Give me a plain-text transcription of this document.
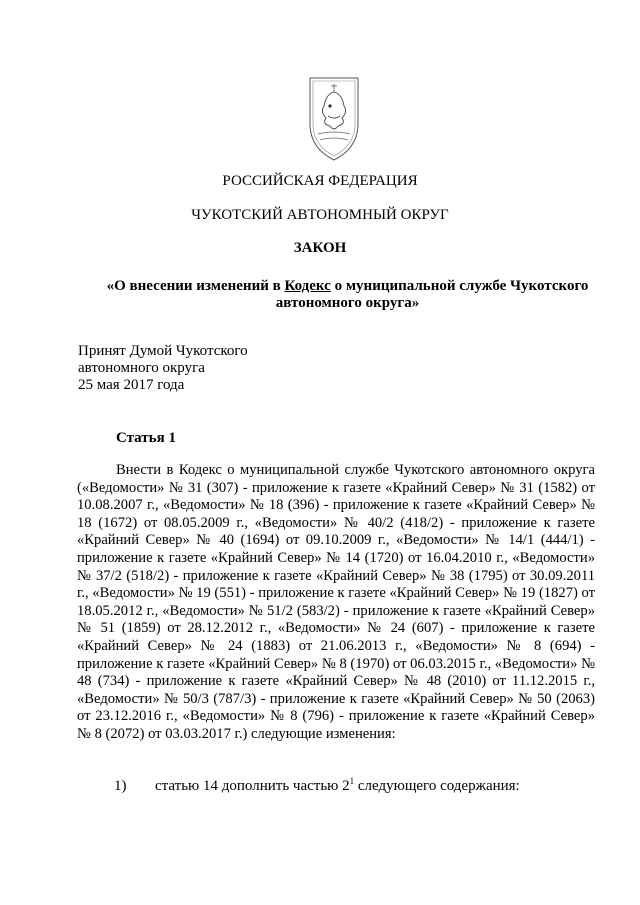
РОССИЙСКАЯ ФЕДЕРАЦИЯ
ЧУКОТСКИЙ АВТОНОМНЫЙ ОКРУГ
ЗАКОН
«О внесении изменений в Кодекс о муниципальной службе Чукотского автономного округа»
Принят Думой Чукотского
автономного округа
25 мая 2017 года
Статья 1
Внести в Кодекс о муниципальной службе Чукотского автономного округа («Ведомости» № 31 (307) - приложение к газете «Крайний Север» № 31 (1582) от 10.08.2007 г., «Ведомости» № 18 (396) - приложение к газете «Крайний Север» № 18 (1672) от 08.05.2009 г., «Ведомости» № 40/2 (418/2) - приложение к газете «Крайний Север» № 40 (1694) от 09.10.2009 г., «Ведомости» № 14/1 (444/1) - приложение к газете «Крайний Север» № 14 (1720) от 16.04.2010 г., «Ведомости» № 37/2 (518/2) - приложение к газете «Крайний Север» № 38 (1795) от 30.09.2011 г., «Ведомости» № 19 (551) - приложение к газете «Крайний Север» № 19 (1827) от 18.05.2012 г., «Ведомости» № 51/2 (583/2) - приложение к газете «Крайний Север» № 51 (1859) от 28.12.2012 г., «Ведомости» № 24 (607) - приложение к газете «Крайний Север» № 24 (1883) от 21.06.2013 г., «Ведомости» № 8 (694) - приложение к газете «Крайний Север» № 8 (1970) от 06.03.2015 г., «Ведомости» № 48 (734) - приложение к газете «Крайний Север» № 48 (2010) от 11.12.2015 г., «Ведомости» № 50/3 (787/3) - приложение к газете «Крайний Север» № 50 (2063) от 23.12.2016 г., «Ведомости» № 8 (796) - приложение к газете «Крайний Север» № 8 (2072) от 03.03.2017 г.) следующие изменения:
1) статью 14 дополнить частью $2^1$ следующего содержания:
